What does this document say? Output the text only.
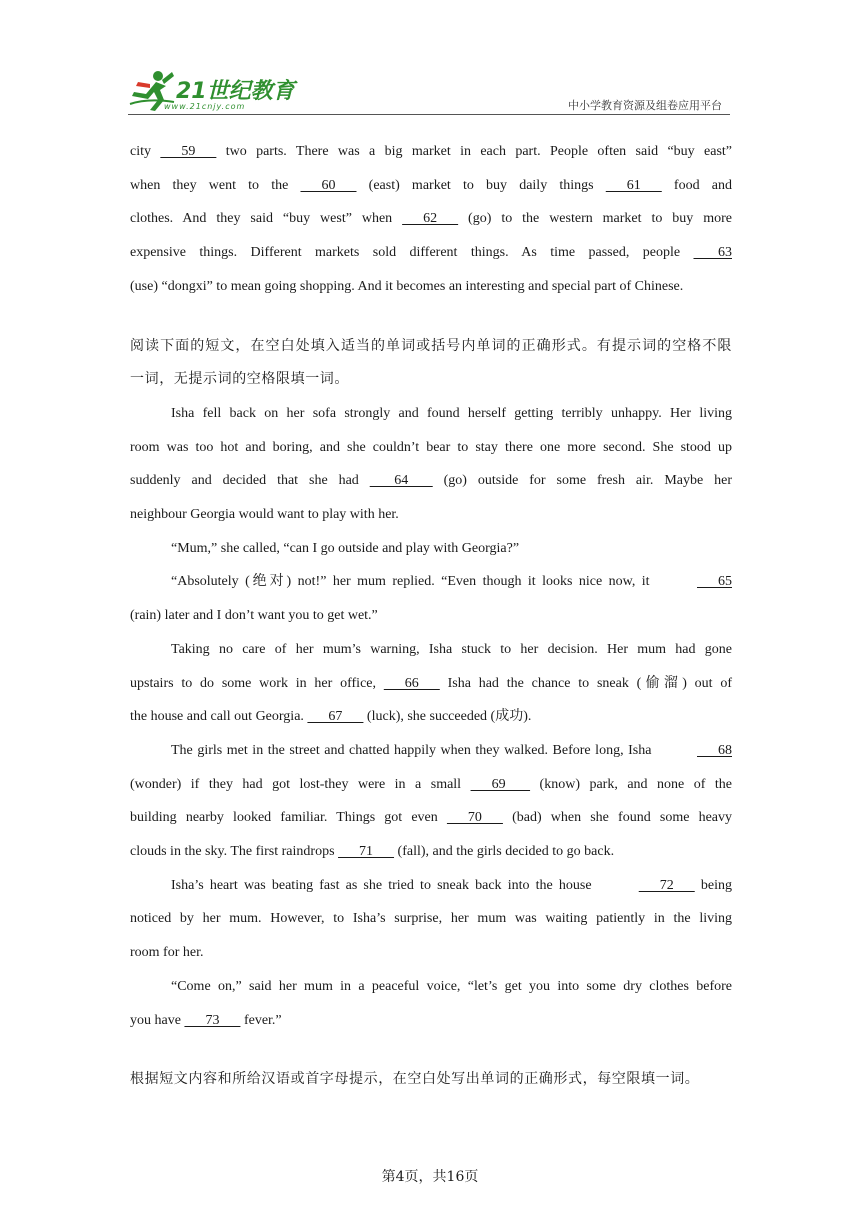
21世纪教育
www.21cnjy.com	中小学教育资源及组卷应用平台

city       59       two parts. There was a big market in each part. People often said “buy east”

when they went to the       60       (east) market to buy daily things       61       food and

clothes. And they said “buy west” when       62       (go) to the western market to buy more

expensive things. Different markets sold different things. As time passed, people        63

(use) “dongxi” to mean going shopping. And it becomes an interesting and special part of Chinese.

阅读下面的短文，在空白处填入适当的单词或括号内单词的正确形式。有提示词的空格不限

一词，无提示词的空格限填一词。

Isha fell back on her sofa strongly and found herself getting terribly unhappy. Her living

room was too hot and boring, and she couldn’t bear to stay there one more second. She stood up

suddenly and decided that she had        64        (go) outside for some fresh air. Maybe her

neighbour Georgia would want to play with her.

“Mum,” she called, “can I go outside and play with Georgia?”

“Absolutely (绝对) not!” her mum replied. “Even though it looks nice now, it	65

(rain) later and I don’t want you to get wet.”

Taking no care of her mum’s warning, Isha stuck to her decision. Her mum had gone

upstairs to do some work in her office,       66       Isha had the chance to sneak (偷溜) out of

the house and call out Georgia.       67       (luck), she succeeded (成功).

The girls met in the street and chatted happily when they walked. Before long, Isha	68

(wonder) if they had got lost-they were in a small       69        (know) park, and none of the

building nearby looked familiar. Things got even       70       (bad) when she found some heavy

clouds in the sky. The first raindrops       71       (fall), and the girls decided to go back.

Isha’s heart was beating fast as she tried to sneak back into the house	72       being

noticed by her mum. However, to Isha’s surprise, her mum was waiting patiently in the living

room for her.

“Come on,” said her mum in a peaceful voice, “let’s get you into some dry clothes before

you have       73       fever.”

根据短文内容和所给汉语或首字母提示，在空白处写出单词的正确形式，每空限填一词。

第4页，共16页
